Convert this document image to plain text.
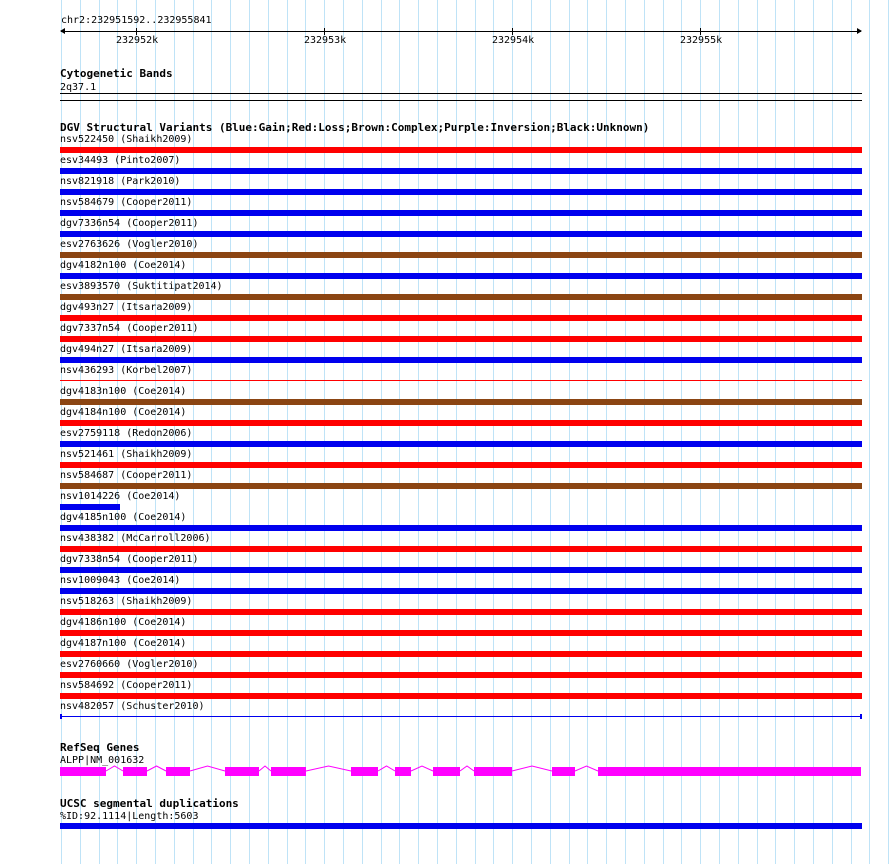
chr2:232951592..232955841
232952k	232953k	232954k	232955k
Cytogenetic Bands
2q37.1
DGV Structural Variants (Blue:Gain;Red:Loss;Brown:Complex;Purple:Inversion;Black:Unknown)
nsv522450 (Shaikh2009)
esv34493 (Pinto2007)
nsv821918 (Park2010)
nsv584679 (Cooper2011)
dgv7336n54 (Cooper2011)
esv2763626 (Vogler2010)
dgv4182n100 (Coe2014)
esv3893570 (Suktitipat2014)
dgv493n27 (Itsara2009)
dgv7337n54 (Cooper2011)
dgv494n27 (Itsara2009)
nsv436293 (Korbel2007)
dgv4183n100 (Coe2014)
dgv4184n100 (Coe2014)
esv2759118 (Redon2006)
nsv521461 (Shaikh2009)
nsv584687 (Cooper2011)
nsv1014226 (Coe2014)
dgv4185n100 (Coe2014)
nsv438382 (McCarroll2006)
dgv7338n54 (Cooper2011)
nsv1009043 (Coe2014)
nsv518263 (Shaikh2009)
dgv4186n100 (Coe2014)
dgv4187n100 (Coe2014)
esv2760660 (Vogler2010)
nsv584692 (Cooper2011)
nsv482057 (Schuster2010)
RefSeq Genes
ALPP|NM_001632
UCSC segmental duplications
%ID:92.1114|Length:5603
